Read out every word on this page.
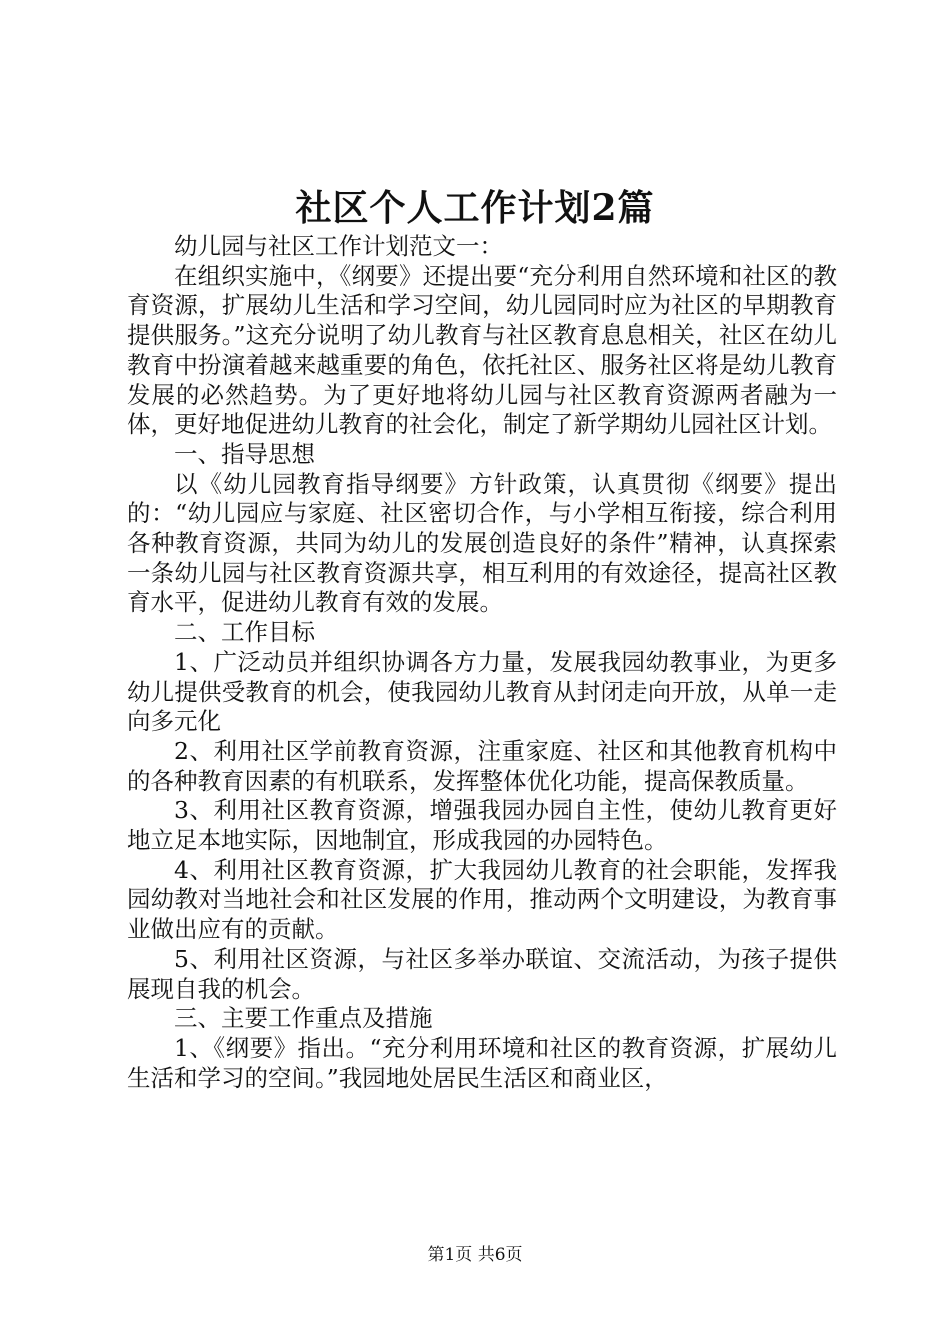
社区个人工作计划2篇

幼儿园与社区工作计划范文一：

在组织实施中，《纲要》还提出要“充分利用自然环境和社区的教育资源，扩展幼儿生活和学习空间，幼儿园同时应为社区的早期教育提供服务。”这充分说明了幼儿教育与社区教育息息相关，社区在幼儿教育中扮演着越来越重要的角色，依托社区、服务社区将是幼儿教育发展的必然趋势。为了更好地将幼儿园与社区教育资源两者融为一体，更好地促进幼儿教育的社会化，制定了新学期幼儿园社区计划。

一、指导思想

以《幼儿园教育指导纲要》方针政策，认真贯彻《纲要》提出的：“幼儿园应与家庭、社区密切合作，与小学相互衔接，综合利用各种教育资源，共同为幼儿的发展创造良好的条件”精神，认真探索一条幼儿园与社区教育资源共享，相互利用的有效途径，提高社区教育水平，促进幼儿教育有效的发展。

二、工作目标

1、广泛动员并组织协调各方力量，发展我园幼教事业，为更多幼儿提供受教育的机会，使我园幼儿教育从封闭走向开放，从单一走向多元化

2、利用社区学前教育资源，注重家庭、社区和其他教育机构中的各种教育因素的有机联系，发挥整体优化功能，提高保教质量。

3、利用社区教育资源，增强我园办园自主性，使幼儿教育更好地立足本地实际，因地制宜，形成我园的办园特色。

4、利用社区教育资源，扩大我园幼儿教育的社会职能，发挥我园幼教对当地社会和社区发展的作用，推动两个文明建设，为教育事业做出应有的贡献。

5、利用社区资源，与社区多举办联谊、交流活动，为孩子提供展现自我的机会。

三、主要工作重点及措施

1、《纲要》指出。“充分利用环境和社区的教育资源，扩展幼儿生活和学习的空间。”我园地处居民生活区和商业区，

第1页 共6页
